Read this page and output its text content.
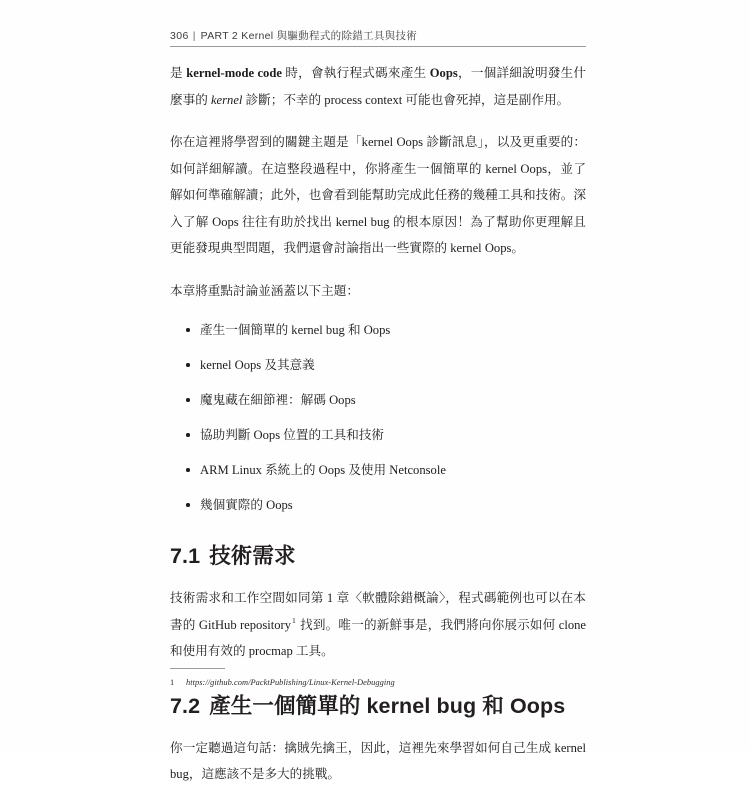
306 | PART 2 Kernel 與驅動程式的除錯工具與技術

是 kernel-mode code 時，會執行程式碼來產生 Oops，一個詳細說明發生什麼事的 kernel 診斷；不幸的 process context 可能也會死掉，這是副作用。

你在這裡將學習到的關鍵主題是「kernel Oops 診斷訊息」，以及更重要的：如何詳細解讀。在這整段過程中，你將產生一個簡單的 kernel Oops，並了解如何準確解讀；此外，也會看到能幫助完成此任務的幾種工具和技術。深入了解 Oops 往往有助於找出 kernel bug 的根本原因！為了幫助你更理解且更能發現典型問題，我們還會討論指出一些實際的 kernel Oops。

本章將重點討論並涵蓋以下主題：

產生一個簡單的 kernel bug 和 Oops
kernel Oops 及其意義
魔鬼藏在細節裡：解碼 Oops
協助判斷 Oops 位置的工具和技術
ARM Linux 系統上的 Oops 及使用 Netconsole
幾個實際的 Oops
7.1 技術需求

技術需求和工作空間如同第 1 章〈軟體除錯概論〉，程式碼範例也可以在本書的 GitHub repository$^1$ 找到。唯一的新鮮事是，我們將向你展示如何 clone 和使用有效的 procmap 工具。

7.2 產生一個簡單的 kernel bug 和 Oops

你一定聽過這句話：擒賊先擒王，因此，這裡先來學習如何自己生成 kernel bug，這應該不是多大的挑戰。

1 https://github.com/PacktPublishing/Linux-Kernel-Debugging
